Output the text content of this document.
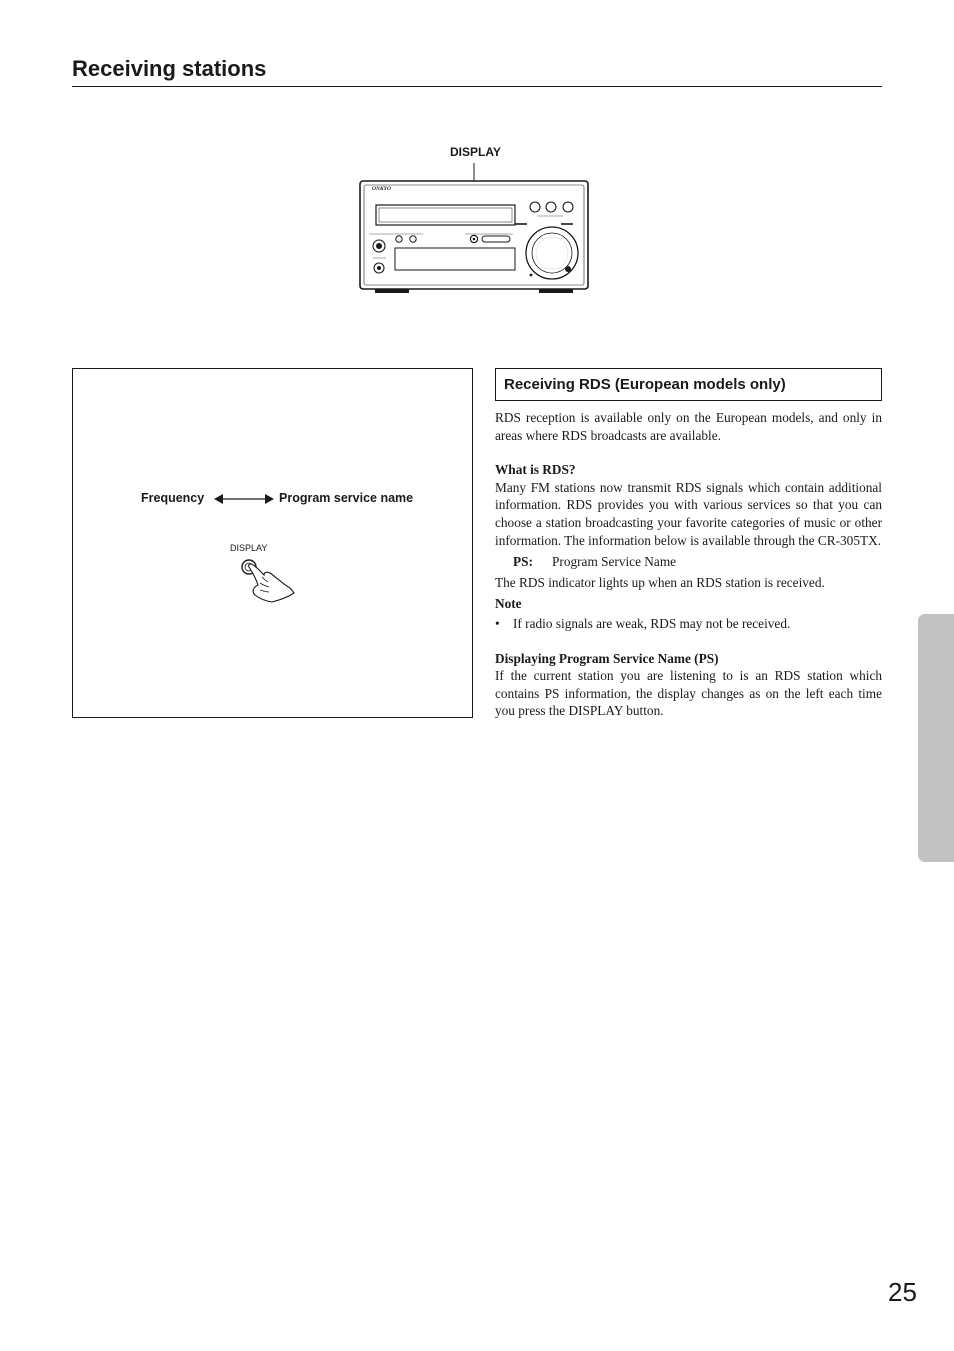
Receiving stations
DISPLAY
ONKYO
Frequency	Program service name
DISPLAY
Receiving RDS (European models only)

RDS reception is available only on the European models, and only in areas where RDS broadcasts are available.

What is RDS?

Many FM stations now transmit RDS signals which contain additional information. RDS provides you with various services so that you can choose a station broadcasting your favorite categories of music or other information. The information below is available through the CR-305TX.

PS: Program Service Name

The RDS indicator lights up when an RDS station is received.

Note

• If radio signals are weak, RDS may not be received.

Displaying Program Service Name (PS)

If the current station you are listening to is an RDS station which contains PS information, the display changes as on the left each time you press the DISPLAY button.

25
